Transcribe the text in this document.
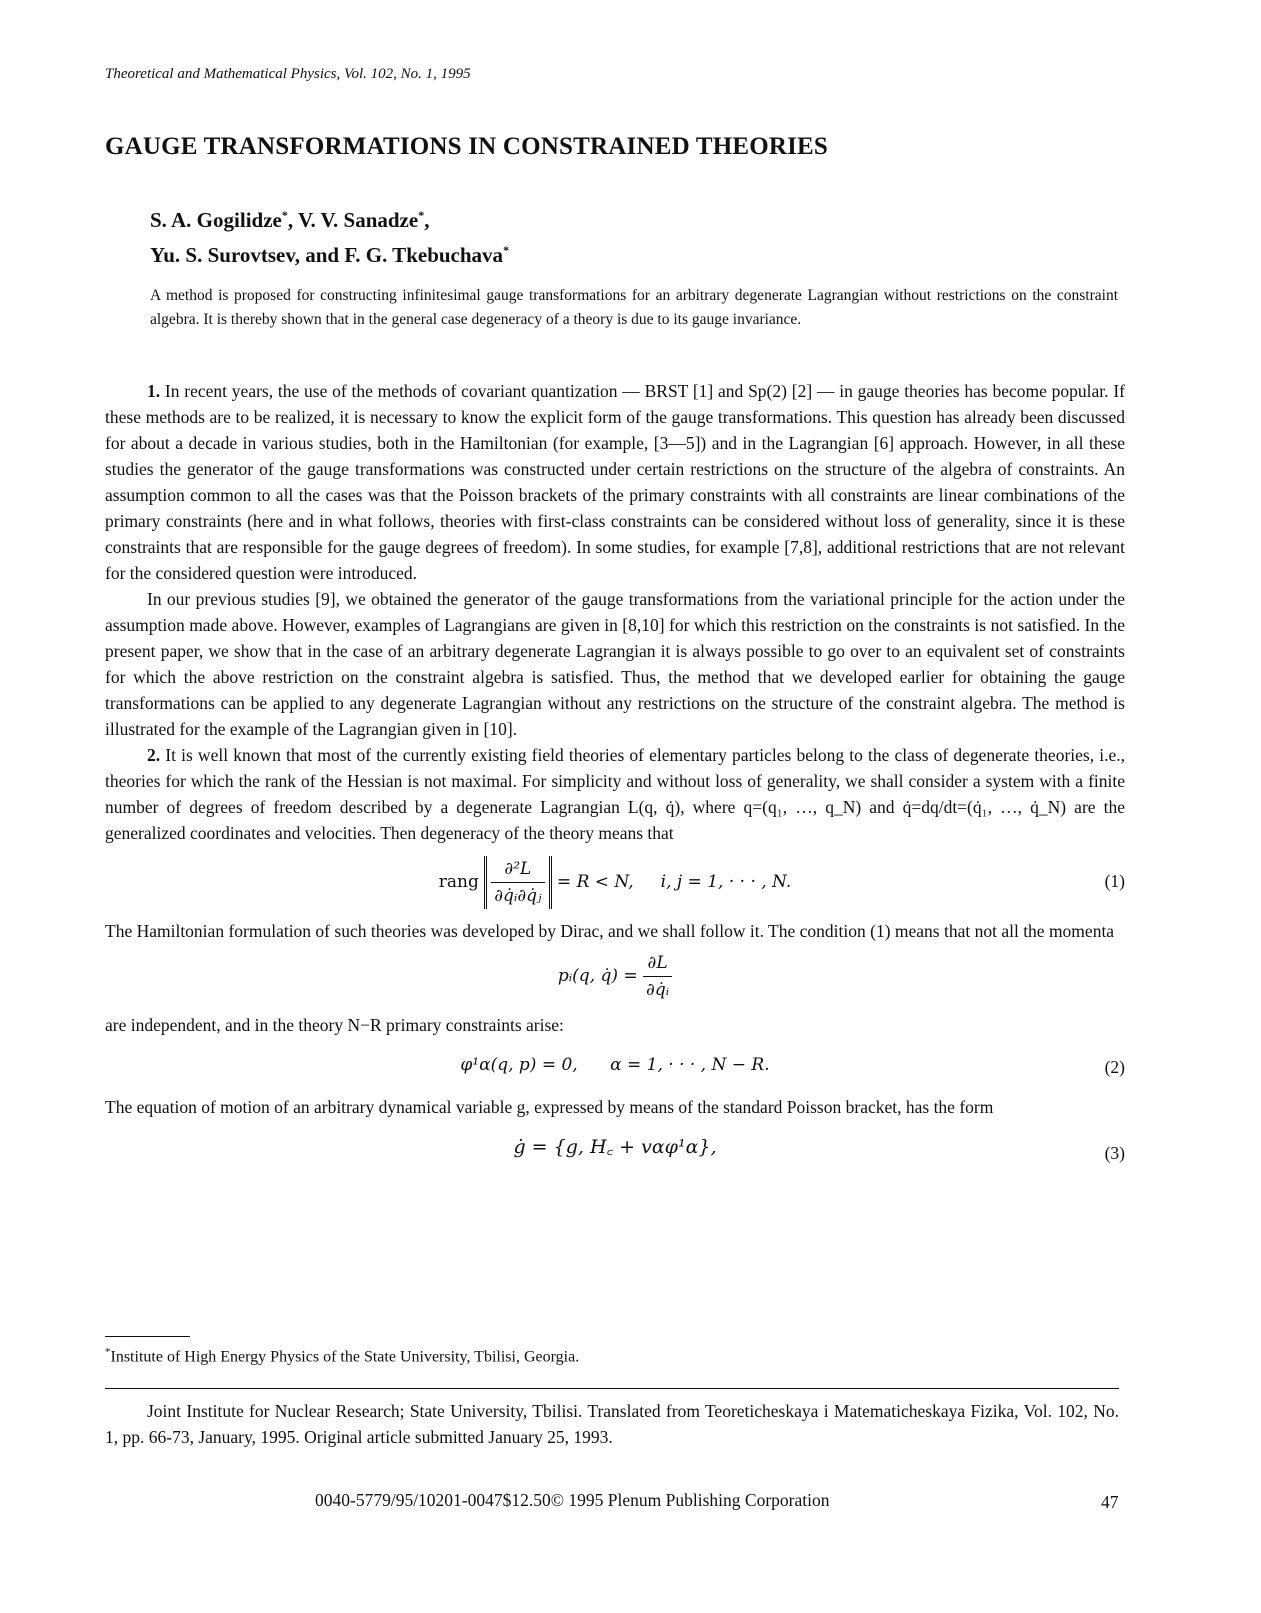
Theoretical and Mathematical Physics, Vol. 102, No. 1, 1995
GAUGE TRANSFORMATIONS IN CONSTRAINED THEORIES
S. A. Gogilidze*, V. V. Sanadze*,
Yu. S. Surovtsev, and F. G. Tkebuchava*
A method is proposed for constructing infinitesimal gauge transformations for an arbitrary degenerate Lagrangian without restrictions on the constraint algebra. It is thereby shown that in the general case degeneracy of a theory is due to its gauge invariance.

1. In recent years, the use of the methods of covariant quantization — BRST [1] and Sp(2) [2] — in gauge theories has become popular. If these methods are to be realized, it is necessary to know the explicit form of the gauge transformations. This question has already been discussed for about a decade in various studies, both in the Hamiltonian (for example, [3—5]) and in the Lagrangian [6] approach. However, in all these studies the generator of the gauge transformations was constructed under certain restrictions on the structure of the algebra of constraints. An assumption common to all the cases was that the Poisson brackets of the primary constraints with all constraints are linear combinations of the primary constraints (here and in what follows, theories with first-class constraints can be considered without loss of generality, since it is these constraints that are responsible for the gauge degrees of freedom). In some studies, for example [7,8], additional restrictions that are not relevant for the considered question were introduced.

In our previous studies [9], we obtained the generator of the gauge transformations from the variational principle for the action under the assumption made above. However, examples of Lagrangians are given in [8,10] for which this restriction on the constraints is not satisfied. In the present paper, we show that in the case of an arbitrary degenerate Lagrangian it is always possible to go over to an equivalent set of constraints for which the above restriction on the constraint algebra is satisfied. Thus, the method that we developed earlier for obtaining the gauge transformations can be applied to any degenerate Lagrangian without any restrictions on the structure of the constraint algebra. The method is illustrated for the example of the Lagrangian given in [10].

2. It is well known that most of the currently existing field theories of elementary particles belong to the class of degenerate theories, i.e., theories for which the rank of the Hessian is not maximal. For simplicity and without loss of generality, we shall consider a system with a finite number of degrees of freedom described by a degenerate Lagrangian L(q, q̇), where q=(q₁, …, q_N) and q̇=dq/dt=(q̇₁, …, q̇_N) are the generalized coordinates and velocities. Then degeneracy of the theory means that

rang $\frac{\text{∂²L}}{\text{∂q̇ᵢ∂q̇ⱼ}} = R < N$,     i, j = 1, · · · , N.	(1)

The Hamiltonian formulation of such theories was developed by Dirac, and we shall follow it. The condition (1) means that not all the momenta

pᵢ(q, q̇) = $\frac{\partial L}{\text{∂q̇ᵢ}}$

are independent, and in the theory N−R primary constraints arise:

φ¹α(q, p) = 0,      α = 1, · · · , N − R.	(2)

The equation of motion of an arbitrary dynamical variable g, expressed by means of the standard Poisson bracket, has the form

ġ = {g, H꜀ + vαφ¹α},	(3)
*Institute of High Energy Physics of the State University, Tbilisi, Georgia.
Joint Institute for Nuclear Research; State University, Tbilisi. Translated from Teoreticheskaya i Matematicheskaya Fizika, Vol. 102, No. 1, pp. 66-73, January, 1995. Original article submitted January 25, 1993.
0040-5779/95/10201-0047$12.50© 1995 Plenum Publishing Corporation	47
